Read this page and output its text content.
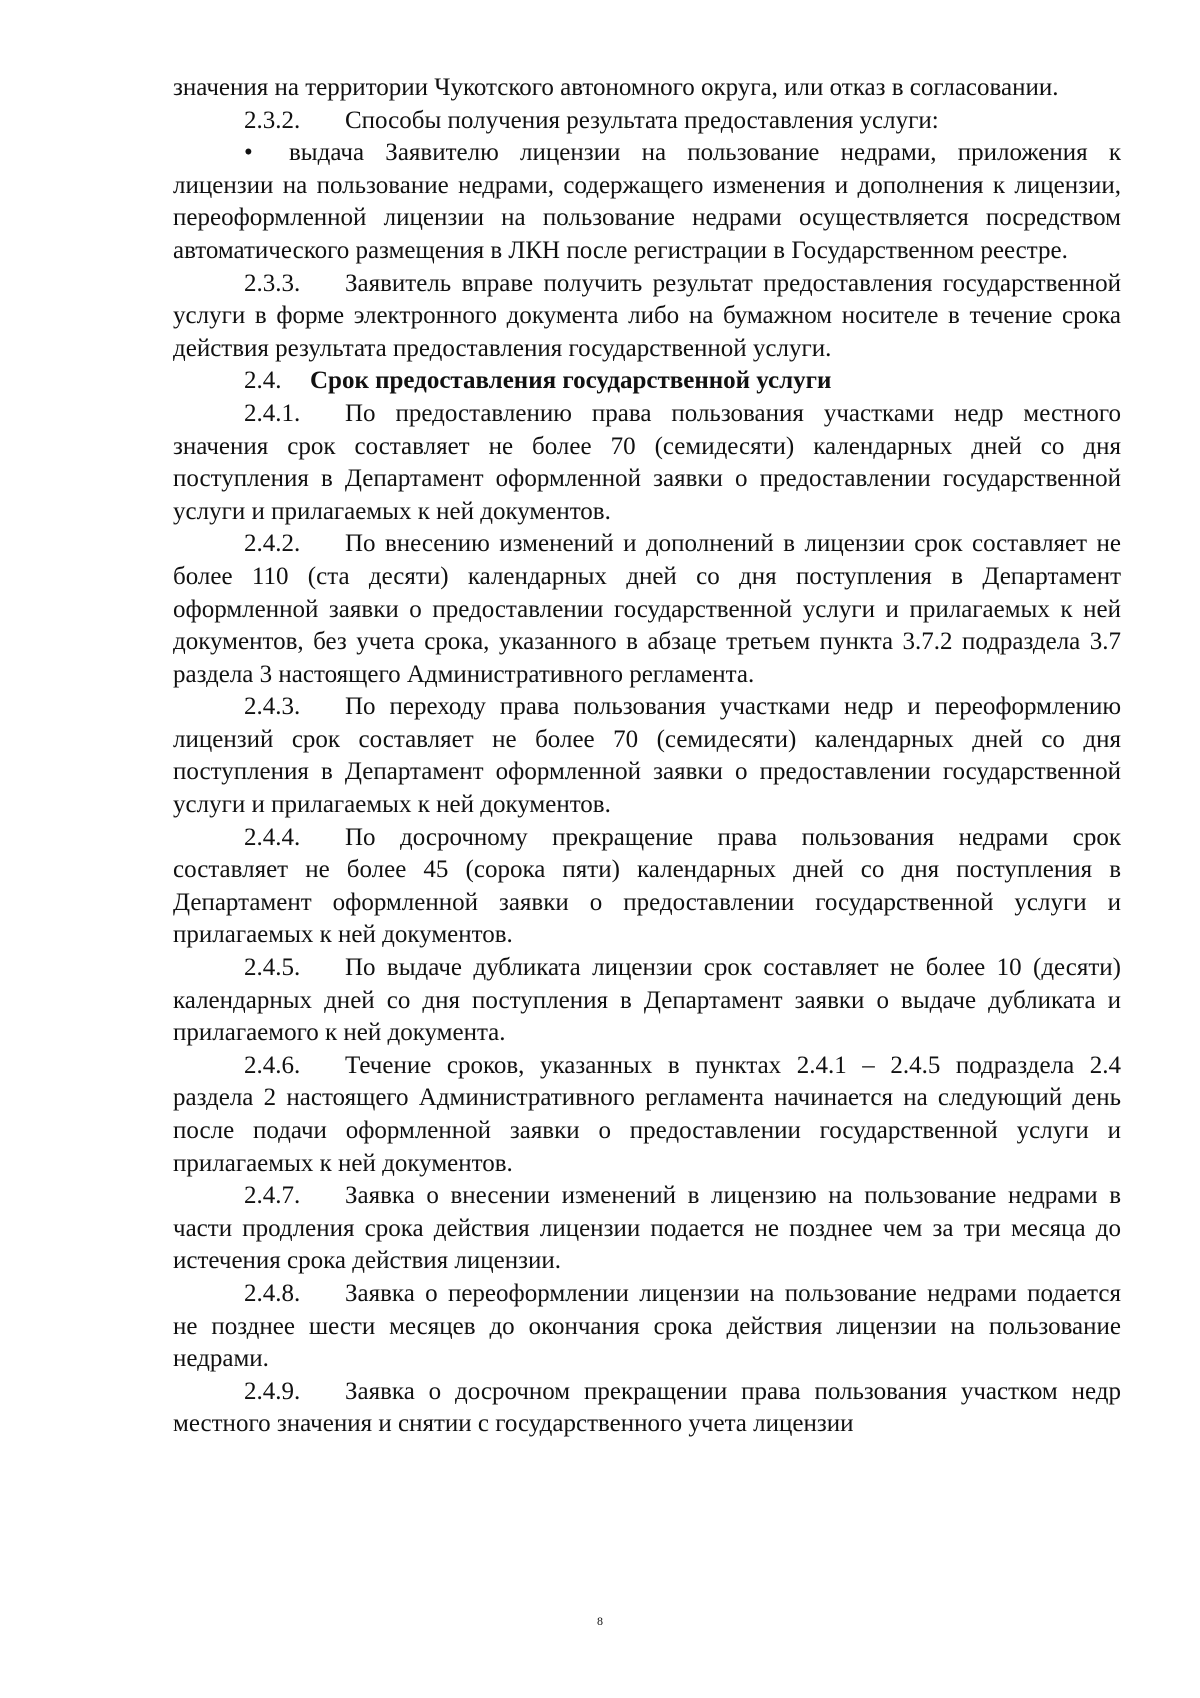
значения на территории Чукотского автономного округа, или отказ в согласовании.

2.3.2. Способы получения результата предоставления услуги:

• выдача Заявителю лицензии на пользование недрами, приложения к лицензии на пользование недрами, содержащего изменения и дополнения к лицензии, переоформленной лицензии на пользование недрами осуществляется посредством автоматического размещения в ЛКН после регистрации в Государственном реестре.

2.3.3. Заявитель вправе получить результат предоставления государственной услуги в форме электронного документа либо на бумажном носителе в течение срока действия результата предоставления государственной услуги.

2.4. Срок предоставления государственной услуги

2.4.1. По предоставлению права пользования участками недр местного значения срок составляет не более 70 (семидесяти) календарных дней со дня поступления в Департамент оформленной заявки о предоставлении государственной услуги и прилагаемых к ней документов.

2.4.2. По внесению изменений и дополнений в лицензии срок составляет не более 110 (ста десяти) календарных дней со дня поступления в Департамент оформленной заявки о предоставлении государственной услуги и прилагаемых к ней документов, без учета срока, указанного в абзаце третьем пункта 3.7.2 подраздела 3.7 раздела 3 настоящего Административного регламента.

2.4.3. По переходу права пользования участками недр и переоформлению лицензий срок составляет не более 70 (семидесяти) календарных дней со дня поступления в Департамент оформленной заявки о предоставлении государственной услуги и прилагаемых к ней документов.

2.4.4. По досрочному прекращение права пользования недрами срок составляет не более 45 (сорока пяти) календарных дней со дня поступления в Департамент оформленной заявки о предоставлении государственной услуги и прилагаемых к ней документов.

2.4.5. По выдаче дубликата лицензии срок составляет не более 10 (десяти) календарных дней со дня поступления в Департамент заявки о выдаче дубликата и прилагаемого к ней документа.

2.4.6. Течение сроков, указанных в пунктах 2.4.1 – 2.4.5 подраздела 2.4 раздела 2 настоящего Административного регламента начинается на следующий день после подачи оформленной заявки о предоставлении государственной услуги и прилагаемых к ней документов.

2.4.7. Заявка о внесении изменений в лицензию на пользование недрами в части продления срока действия лицензии подается не позднее чем за три месяца до истечения срока действия лицензии.

2.4.8. Заявка о переоформлении лицензии на пользование недрами подается не позднее шести месяцев до окончания срока действия лицензии на пользование недрами.

2.4.9. Заявка о досрочном прекращении права пользования участком недр местного значения и снятии с государственного учета лицензии

8
